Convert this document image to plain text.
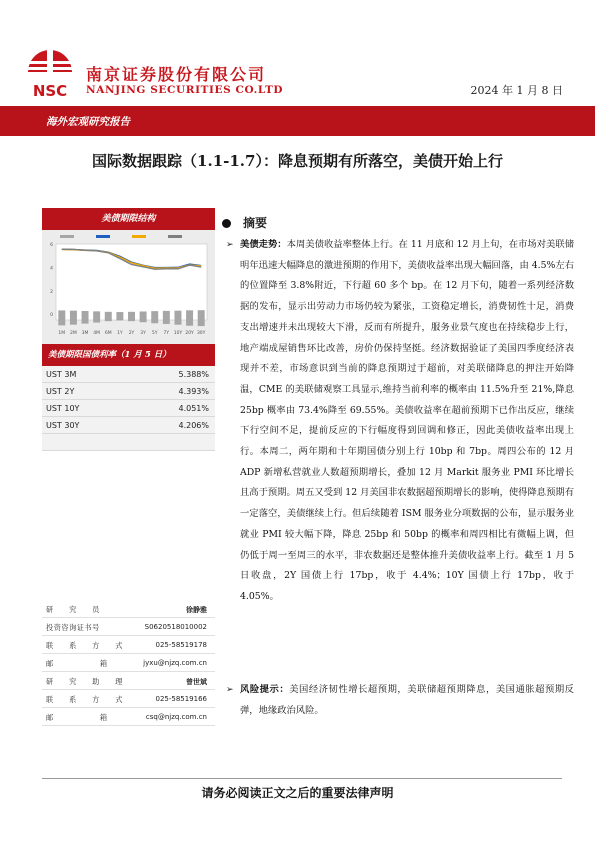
NSC
南京证券股份有限公司
NANJING SECURITIES CO.LTD	2024 年 1 月 8 日
海外宏观研究报告
国际数据跟踪（1.1-1.7）：降息预期有所落空，美债开始上行
美债期限结构
1M 2M 3M 4M 6M 1Y 2Y 3Y 5Y 7Y 10Y 20Y 30Y
0
2
4
6
美债期限国债利率（1 月 5 日）
UST 3M	5.388%
UST 2Y	4.393%
UST 10Y	4.051%
UST 30Y	4.206%
研　　究　　员	徐静雅
投资咨询证书号	S0620518010002
联　　系　　方　　式	025-58519178
邮　　　　　　箱	jyxu@njzq.com.cn
研　　究　　助　　理	曾世斌
联　　系　　方　　式	025-58519166
邮　　　　　　箱	csq@njzq.com.cn
摘要
➢ 美债走势：本周美债收益率整体上行。在 11 月底和 12 月上旬，在市场对美联储明年迅速大幅降息的激进预期的作用下，美债收益率出现大幅回落，由 4.5%左右的位置降至 3.8%附近，下行超 60 多个 bp。在 12 月下旬，随着一系列经济数据的发布，显示出劳动力市场仍较为紧张，工资稳定增长，消费韧性十足，消费支出增速并未出现较大下滑，反而有所提升，服务业景气度也在持续稳步上行，地产端成屋销售环比改善，房价仍保持坚挺。经济数据验证了美国四季度经济表现并不差，市场意识到当前的降息预期过于超前，对美联储降息的押注开始降温，CME 的美联储观察工具显示,维持当前利率的概率由 11.5%升至 21%,降息 25bp 概率由 73.4%降至 69.55%。美债收益率在超前预期下已作出反应，继续下行空间不足，提前反应的下行幅度得到回调和修正，因此美债收益率出现上行。本周二，两年期和十年期国债分别上行 10bp 和 7bp。周四公布的 12 月 ADP 新增私营就业人数超预期增长，叠加 12 月 Markit 服务业 PMI 环比增长且高于预期。周五又受到 12 月美国非农数据超预期增长的影响，使得降息预期有一定落空，美债继续上行。但后续随着 ISM 服务业分项数据的公布，显示服务业就业 PMI 较大幅下降，降息 25bp 和 50bp 的概率和周四相比有微幅上调，但仍低于周一至周三的水平，非农数据还是整体推升美债收益率上行。截至 1 月 5 日收盘，2Y 国债上行 17bp，收于 4.4%；10Y 国债上行 17bp，收于 4.05%。
➢ 风险提示：美国经济韧性增长超预期，美联储超预期降息，美国通胀超预期反弹，地缘政治风险。
请务必阅读正文之后的重要法律声明
